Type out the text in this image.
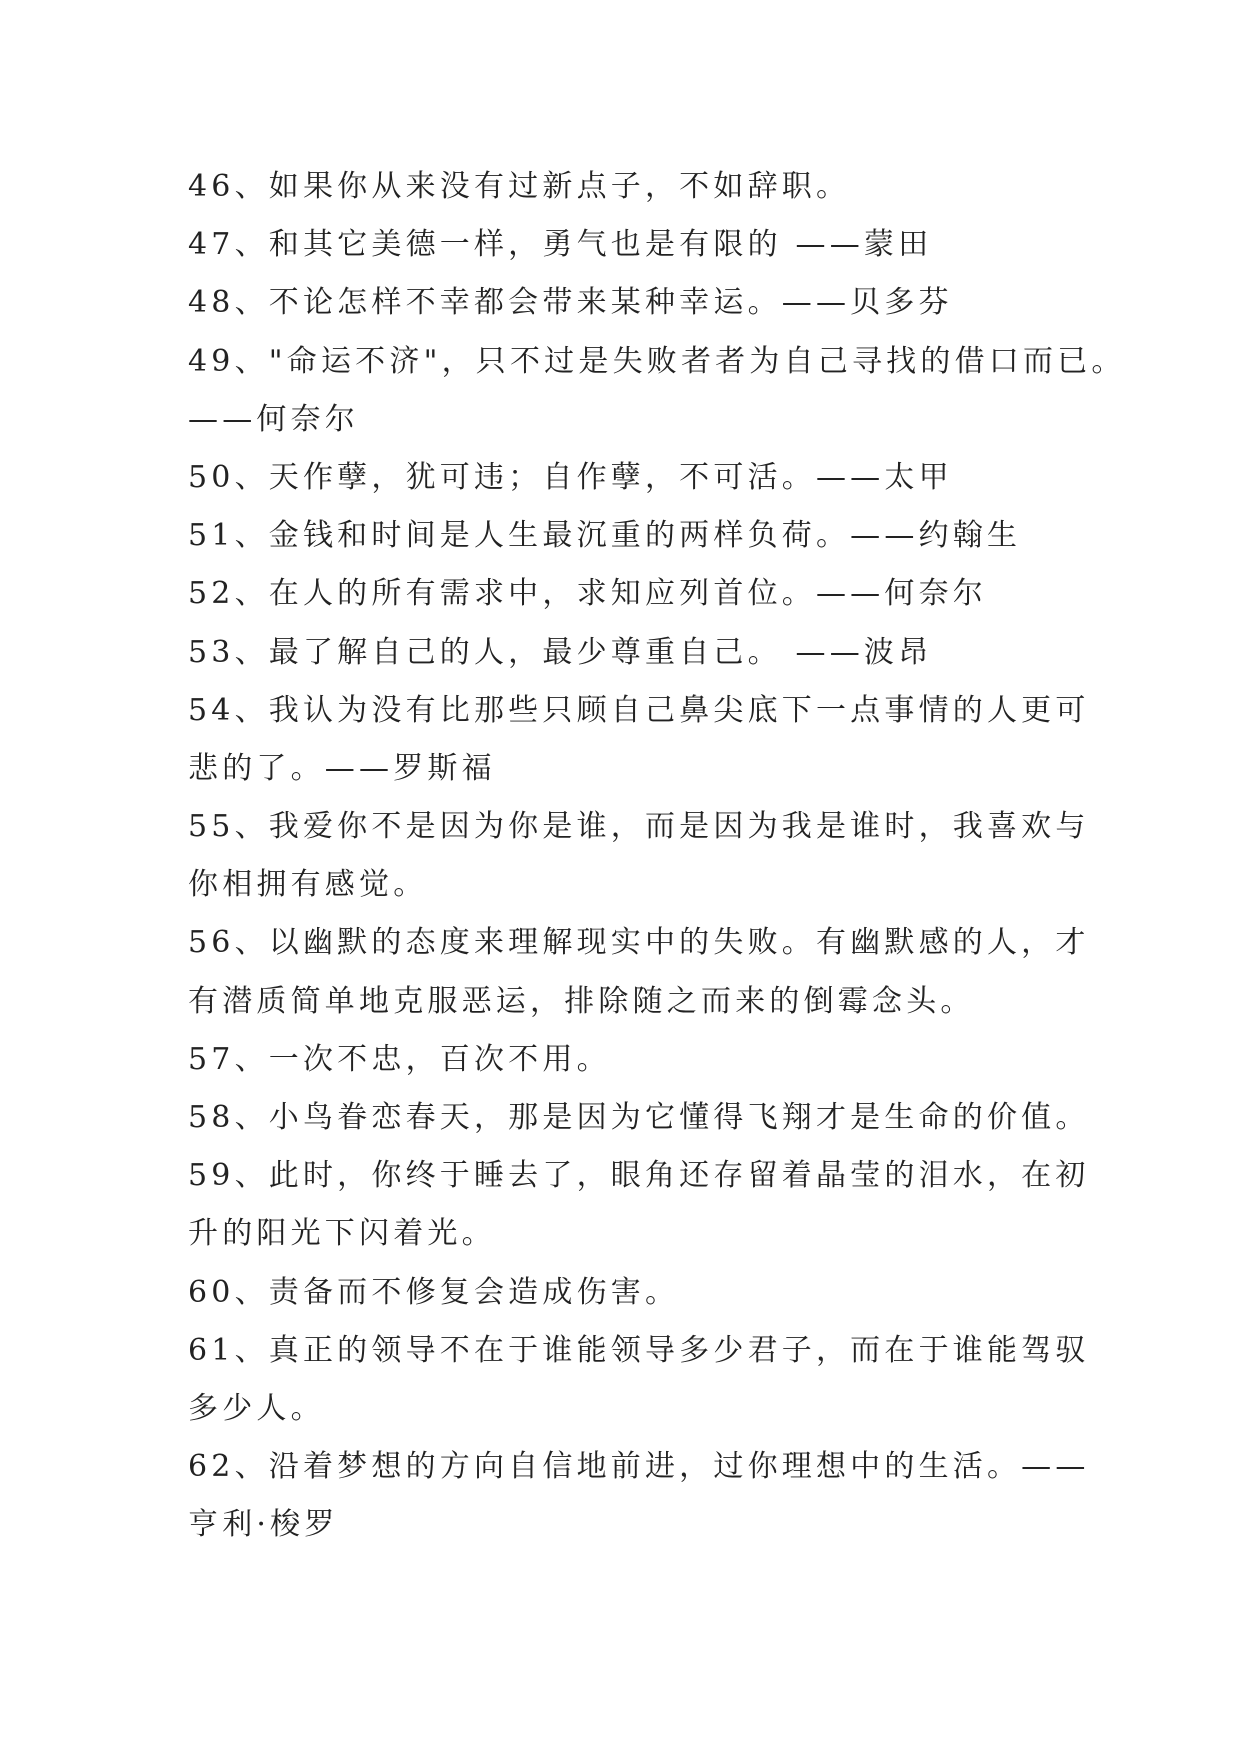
46、如果你从来没有过新点子，不如辞职。
47、和其它美德一样，勇气也是有限的 ——蒙田
48、不论怎样不幸都会带来某种幸运。——贝多芬
49、"命运不济"，只不过是失败者者为自己寻找的借口而已。
——何奈尔
50、天作孽，犹可违；自作孽，不可活。——太甲
51、金钱和时间是人生最沉重的两样负荷。——约翰生
52、在人的所有需求中，求知应列首位。——何奈尔
53、最了解自己的人，最少尊重自己。 ——波昂
54、我认为没有比那些只顾自己鼻尖底下一点事情的人更可
悲的了。——罗斯福
55、我爱你不是因为你是谁，而是因为我是谁时，我喜欢与
你相拥有感觉。
56、以幽默的态度来理解现实中的失败。有幽默感的人，才
有潜质简单地克服恶运，排除随之而来的倒霉念头。
57、一次不忠，百次不用。
58、小鸟眷恋春天，那是因为它懂得飞翔才是生命的价值。
59、此时，你终于睡去了，眼角还存留着晶莹的泪水，在初
升的阳光下闪着光。
60、责备而不修复会造成伤害。
61、真正的领导不在于谁能领导多少君子，而在于谁能驾驭
多少人。
62、沿着梦想的方向自信地前进，过你理想中的生活。——
亨利·梭罗
